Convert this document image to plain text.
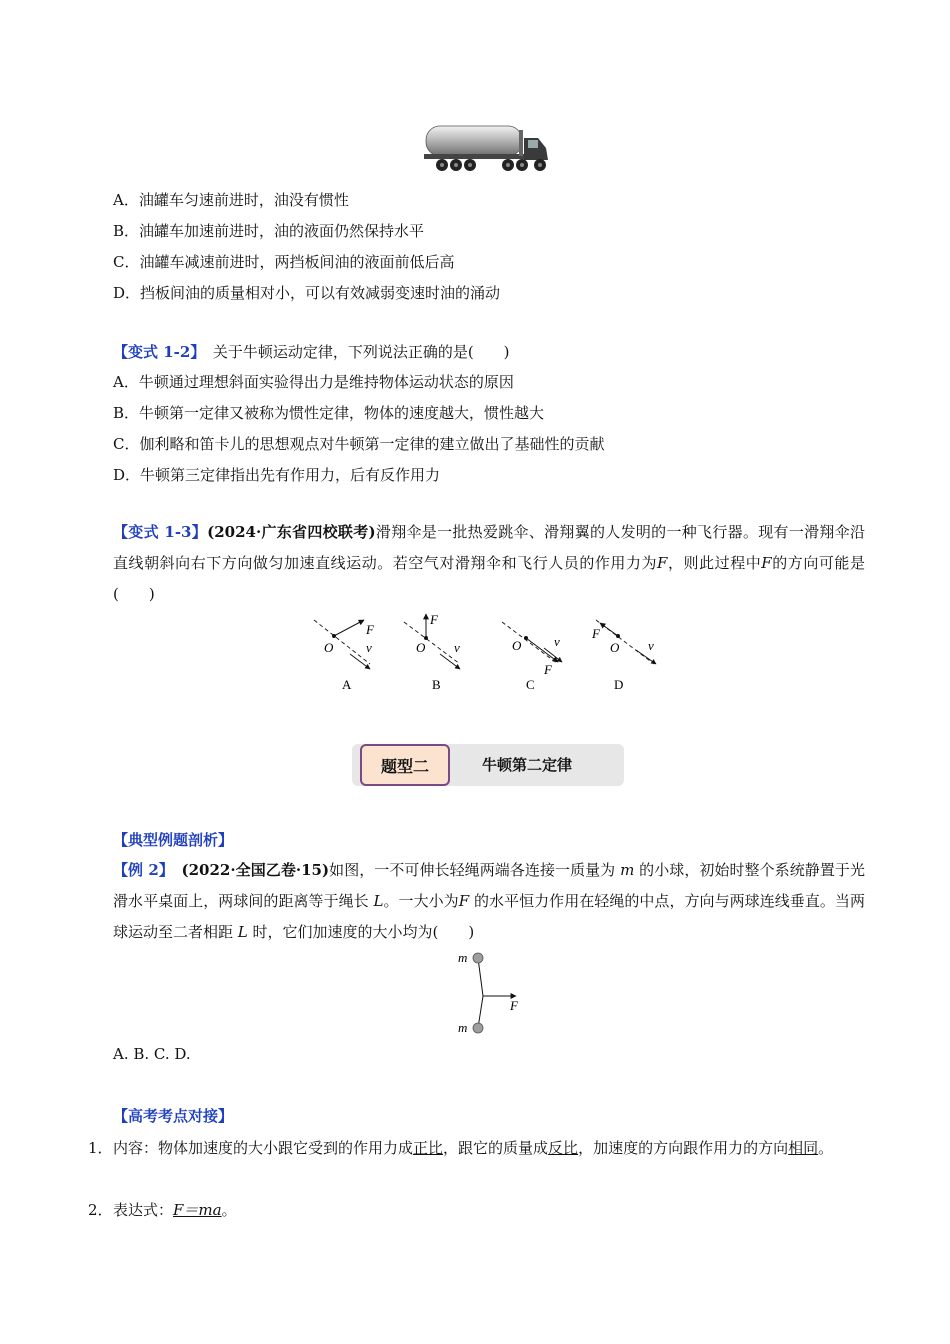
A．油罐车匀速前进时，油没有惯性
B．油罐车加速前进时，油的液面仍然保持水平
C．油罐车减速前进时，两挡板间油的液面前低后高
D．挡板间油的质量相对小，可以有效减弱变速时油的涌动
【变式 1-2】　关于牛顿运动定律，下列说法正确的是(　　)
A．牛顿通过理想斜面实验得出力是维持物体运动状态的原因
B．牛顿第一定律又被称为惯性定律，物体的速度越大，惯性越大
C．伽利略和笛卡儿的思想观点对牛顿第一定律的建立做出了基础性的贡献
D．牛顿第三定律指出先有作用力，后有反作用力
【变式 1-3】(2024·广东省四校联考)滑翔伞是一批热爱跳伞、滑翔翼的人发明的一种飞行器。现有一滑翔伞沿直线朝斜向右下方向做匀加速直线运动。若空气对滑翔伞和飞行人员的作用力为F，则此过程中F的方向可能是(　　)
O
F
v
A
O
F
v
B
O
F
v
C
F
O v
D
题型二	牛顿第二定律
【典型例题剖析】
【例 2】　 (2022·全国乙卷·15)如图，一不可伸长轻绳两端各连接一质量为 m 的小球，初始时整个系统静置于光滑水平桌面上，两球间的距离等于绳长 L。一大小为F 的水平恒力作用在轻绳的中点，方向与两球连线垂直。当两球运动至二者相距 L 时，它们加速度的大小均为(　　)
m
m
F
A. B. C. D.
【高考考点对接】
1． 内容：物体加速度的大小跟它受到的作用力成正比，跟它的质量成反比，加速度的方向跟作用力的方向相同。
2． 表达式：F＝ma。
